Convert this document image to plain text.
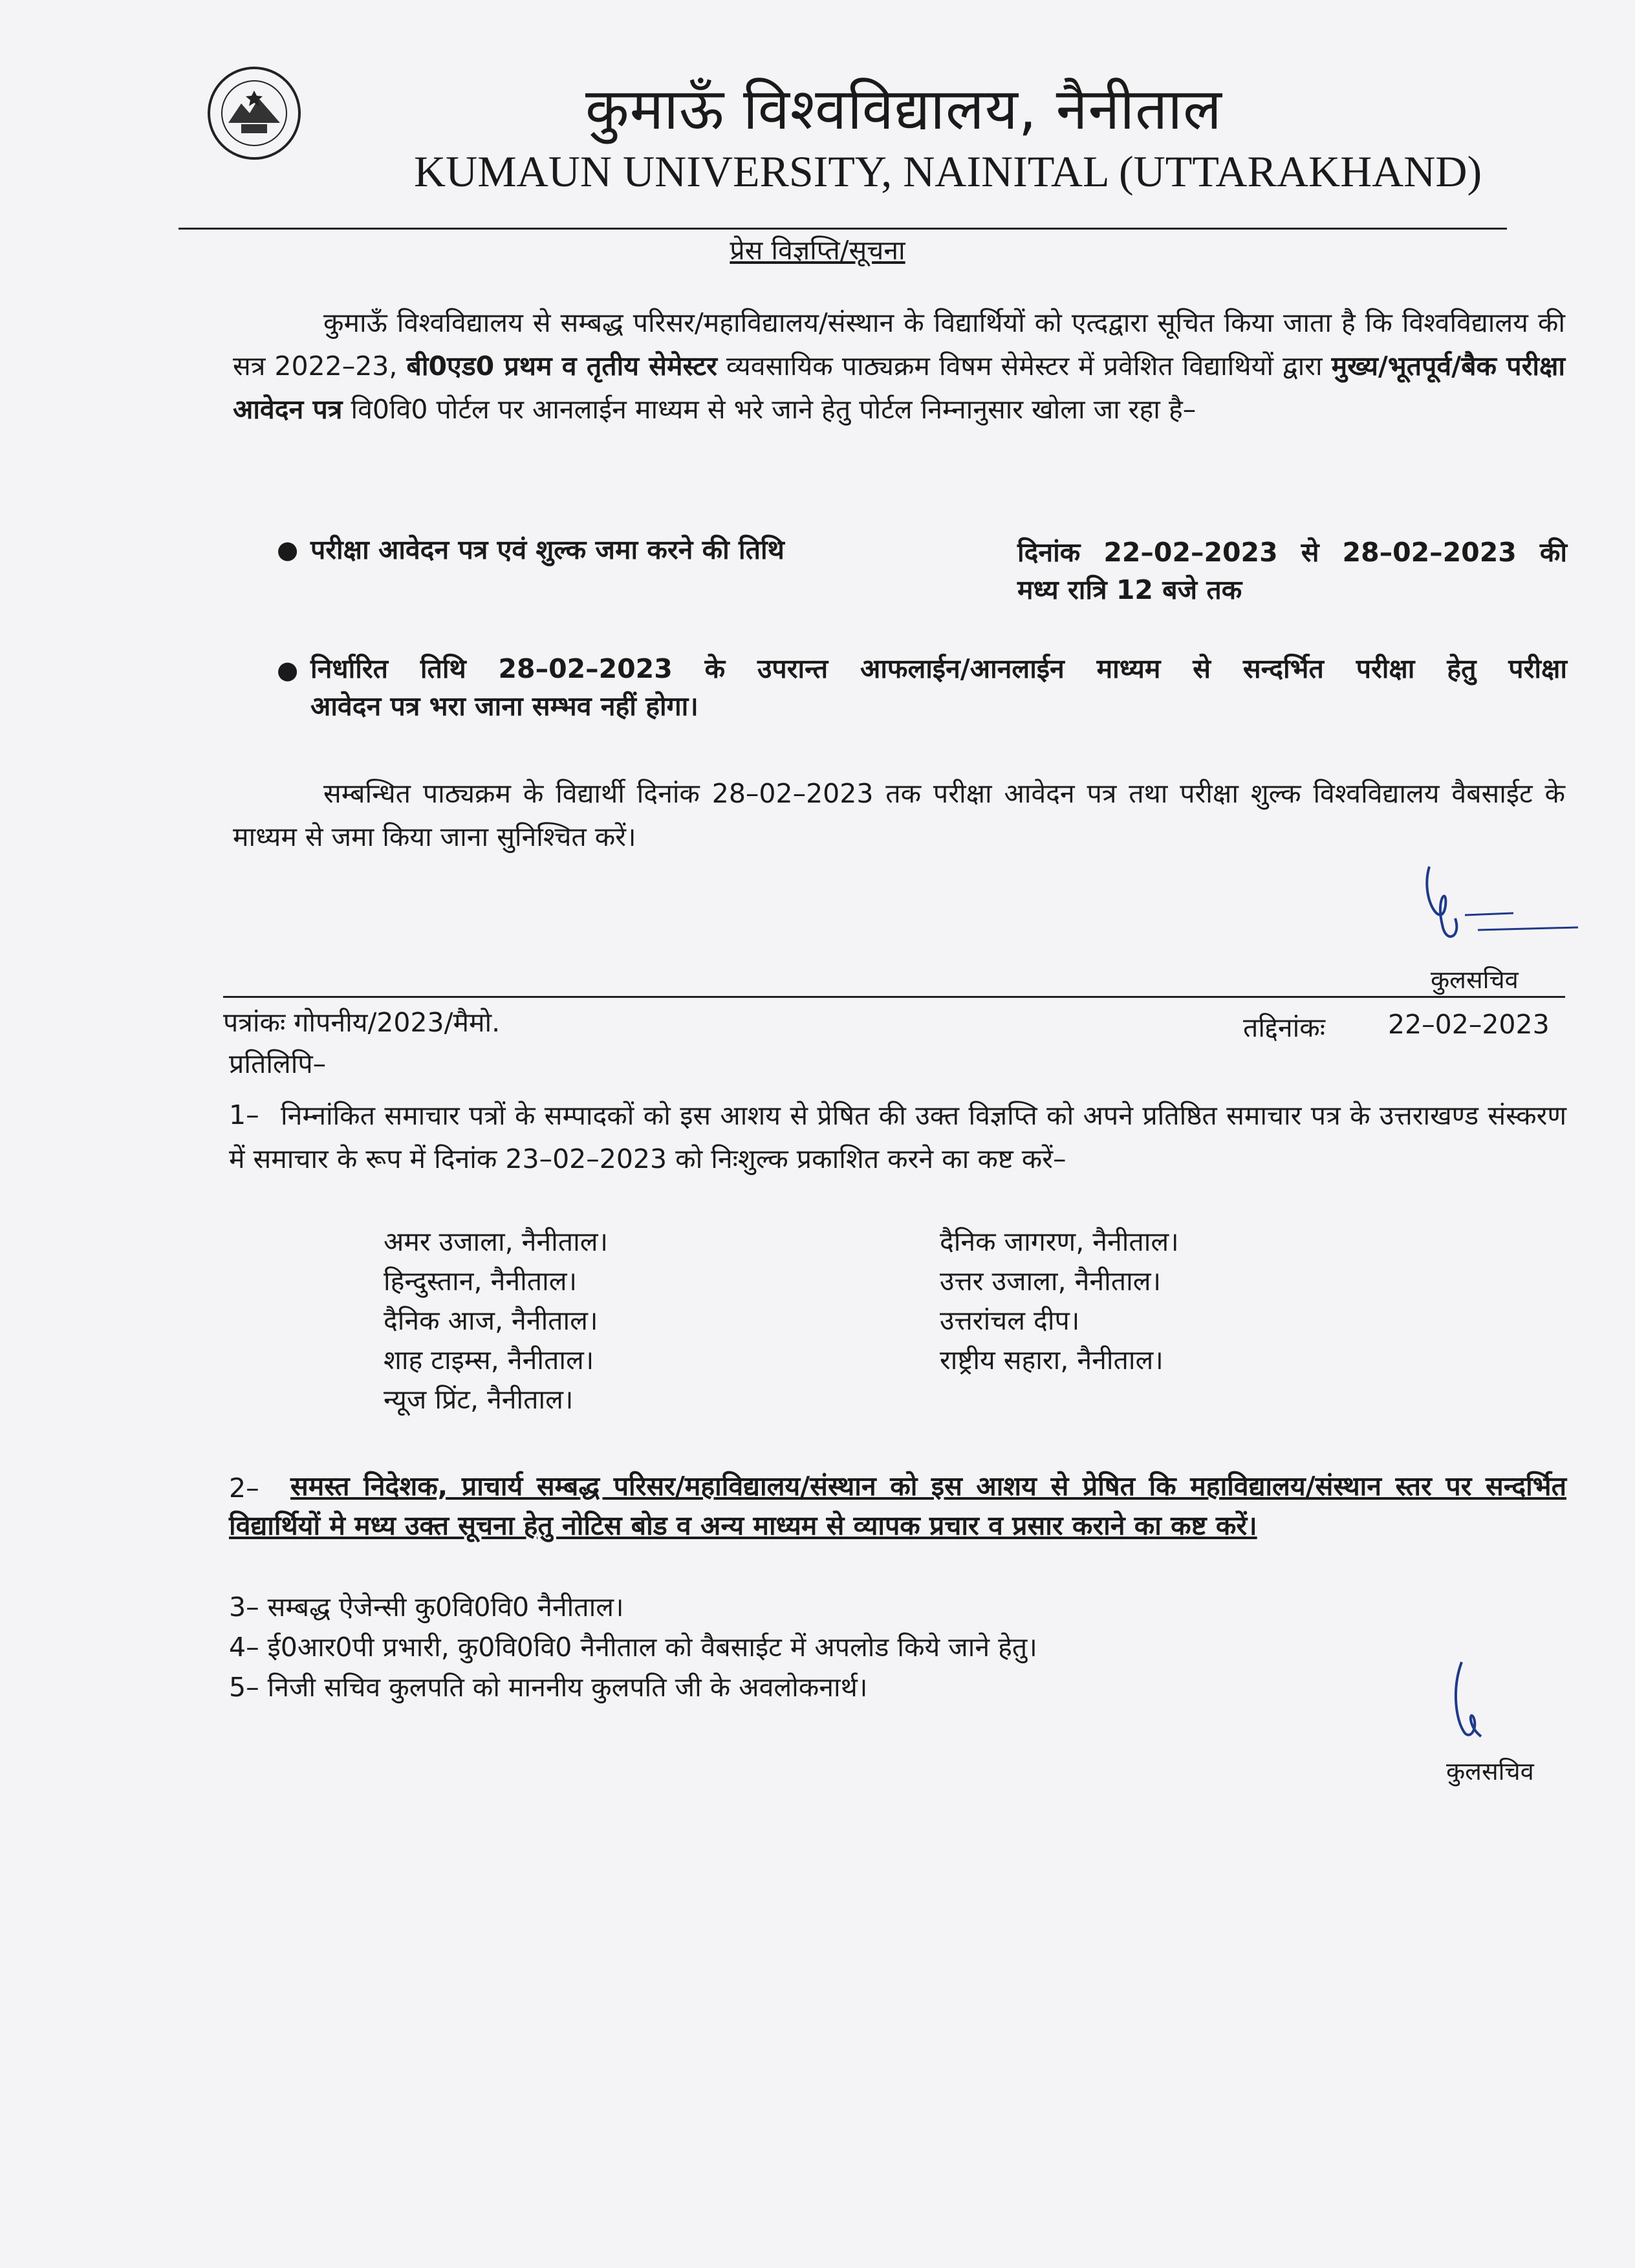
कुमाऊँ विश्वविद्यालय, नैनीताल
KUMAUN UNIVERSITY, NAINITAL (UTTARAKHAND)
प्रेस विज्ञप्ति/सूचना
कुमाऊँ विश्वविद्यालय से सम्बद्ध परिसर/महाविद्यालय/संस्थान के विद्यार्थियों को एत्दद्वारा सूचित किया जाता है कि विश्वविद्यालय की सत्र 2022–23, बी0एड0 प्रथम व तृतीय सेमेस्टर व्यवसायिक पाठ्यक्रम विषम सेमेस्टर में प्रवेशित विद्याथियों द्वारा मुख्य/भूतपूर्व/बैक परीक्षा आवेदन पत्र वि0वि0 पोर्टल पर आनलाईन माध्यम से भरे जाने हेतु पोर्टल निम्नानुसार खोला जा रहा है–
● परीक्षा आवेदन पत्र एवं शुल्क जमा करने की तिथि	दिनांक 22–02–2023 से 28–02–2023 की
मध्य रात्रि 12 बजे तक
● निर्धारित तिथि 28–02–2023 के उपरान्त आफलाईन/आनलाईन माध्यम से सन्दर्भित परीक्षा हेतु परीक्षा
आवेदन पत्र भरा जाना सम्भव नहीं होगा।
सम्बन्धित पाठ्यक्रम के विद्यार्थी दिनांक 28–02–2023 तक परीक्षा आवेदन पत्र तथा परीक्षा शुल्क विश्वविद्यालय वैबसाईट के माध्यम से जमा किया जाना सुनिश्चित करें।
कुलसचिव
पत्रांकः गोपनीय/2023/मैमो.	तद्दिनांकः 22–02–2023
प्रतिलिपि–
1– निम्नांकित समाचार पत्रों के सम्पादकों को इस आशय से प्रेषित की उक्त विज्ञप्ति को अपने प्रतिष्ठित समाचार पत्र के उत्तराखण्ड संस्करण में समाचार के रूप में दिनांक 23–02–2023 को निःशुल्क प्रकाशित करने का कष्ट करें–
अमर उजाला, नैनीताल।
हिन्दुस्तान, नैनीताल।
दैनिक आज, नैनीताल।
शाह टाइम्स, नैनीताल।
न्यूज प्रिंट, नैनीताल।
दैनिक जागरण, नैनीताल।
उत्तर उजाला, नैनीताल।
उत्तरांचल दीप।
राष्ट्रीय सहारा, नैनीताल।
2–	समस्त निदेशक, प्राचार्य सम्बद्ध परिसर/महाविद्यालय/संस्थान को इस आशय से प्रेषित कि महाविद्यालय/संस्थान स्तर पर सन्दर्भित विद्यार्थियों मे मध्य उक्त सूचना हेतु नोटिस बोड व अन्य माध्यम से व्यापक प्रचार व प्रसार कराने का कष्ट करें।
3– सम्बद्ध ऐजेन्सी कु0वि0वि0 नैनीताल।
4– ई0आर0पी प्रभारी, कु0वि0वि0 नैनीताल को वैबसाईट में अपलोड किये जाने हेतु।
5– निजी सचिव कुलपति को माननीय कुलपति जी के अवलोकनार्थ।
कुलसचिव
